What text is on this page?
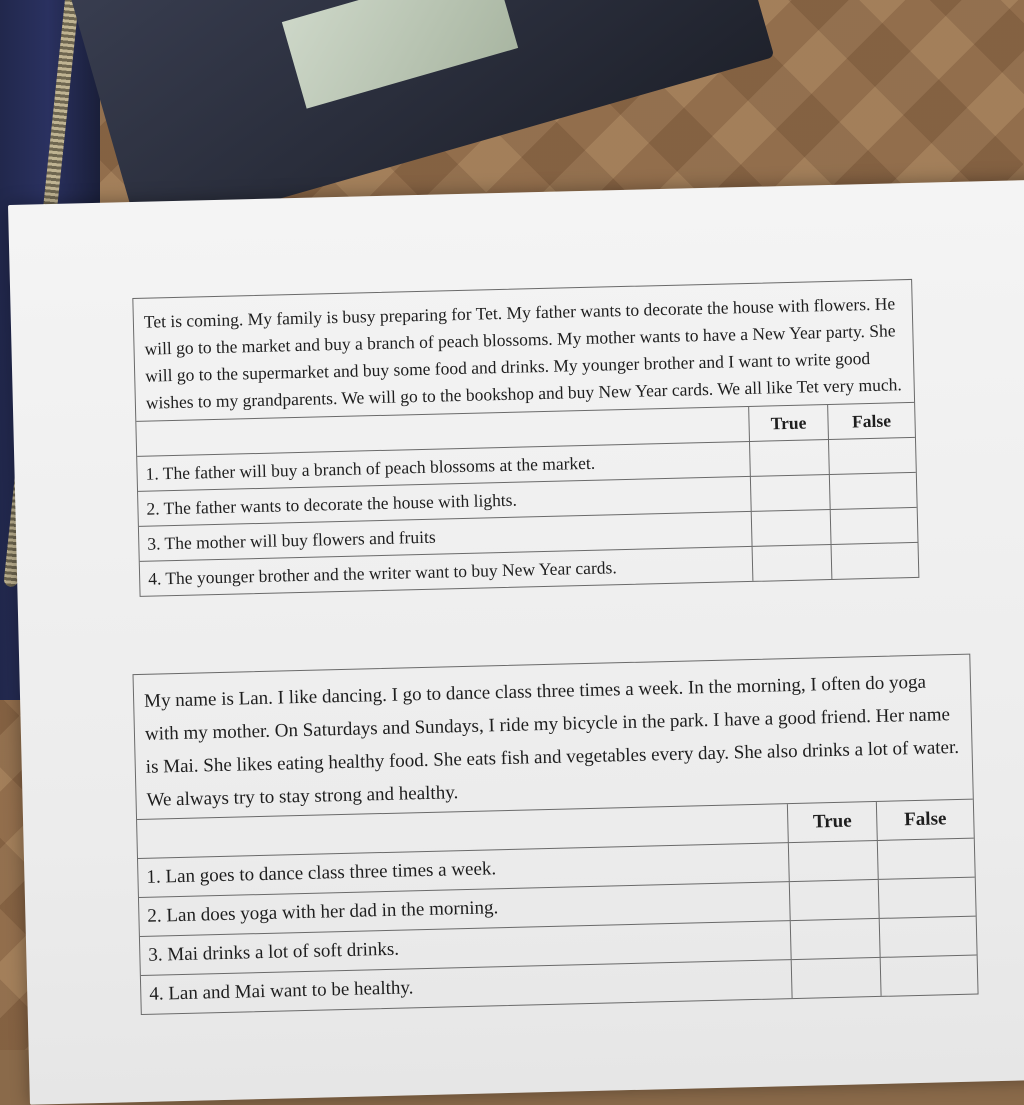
Tet is coming. My family is busy preparing for Tet. My father wants to decorate the house with flowers. He will go to the market and buy a branch of peach blossoms. My mother wants to have a New Year party. She will go to the supermarket and buy some food and drinks. My younger brother and I want to write good wishes to my grandparents. We will go to the bookshop and buy New Year cards. We all like Tet very much.
	True	False
1. The father will buy a branch of peach blossoms at the market.		
2. The father wants to decorate the house with lights.		
3. The mother will buy flowers and fruits		
4. The younger brother and the writer want to buy New Year cards.		
My name is Lan. I like dancing. I go to dance class three times a week. In the morning, I often do yoga with my mother. On Saturdays and Sundays, I ride my bicycle in the park. I have a good friend. Her name is Mai. She likes eating healthy food. She eats fish and vegetables every day. She also drinks a lot of water. We always try to stay strong and healthy.
	True	False
1. Lan goes to dance class three times a week.		
2. Lan does yoga with her dad in the morning.		
3. Mai drinks a lot of soft drinks.		
4. Lan and Mai want to be healthy.		
